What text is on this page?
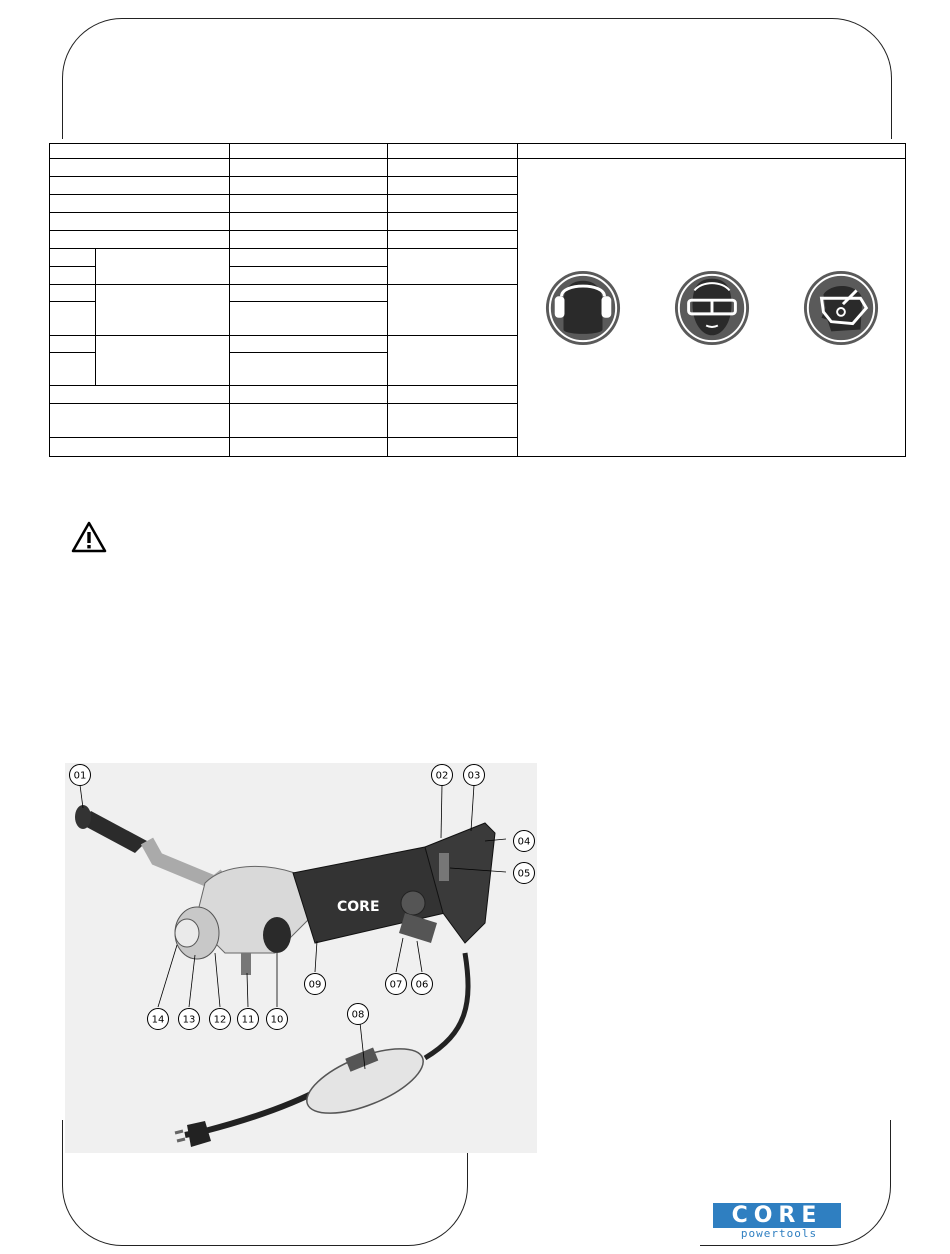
CORE
01	02 03
04
05
06
07
08
09
10
11
12
13
14
CORE
powertools
